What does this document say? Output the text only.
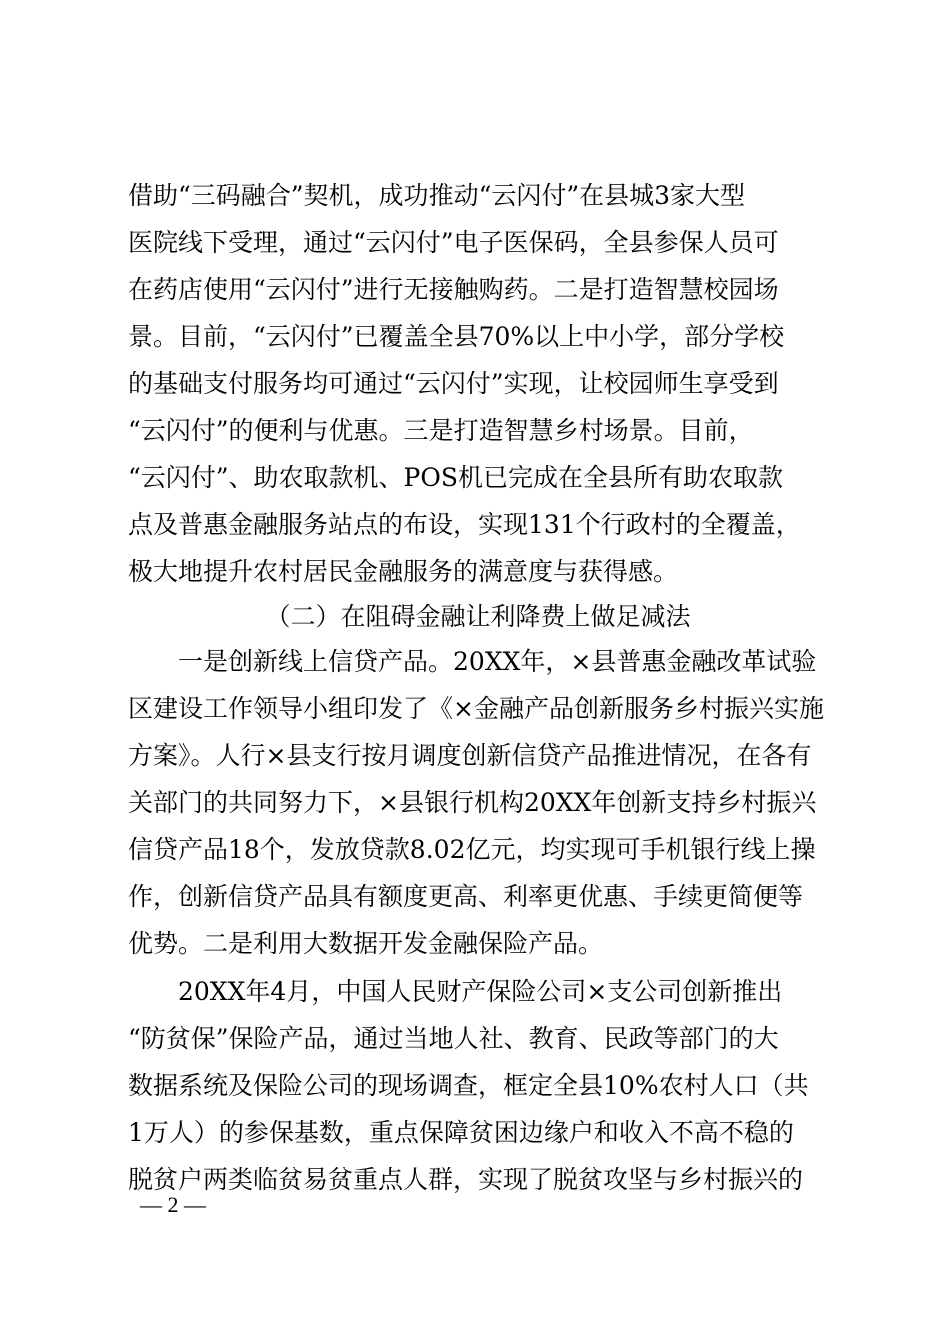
借助“三码融合”契机，成功推动“云闪付”在县城3家大型
医院线下受理，通过“云闪付”电子医保码，全县参保人员可
在药店使用“云闪付”进行无接触购药。二是打造智慧校园场
景。目前，“云闪付”已覆盖全县70%以上中小学，部分学校
的基础支付服务均可通过“云闪付”实现，让校园师生享受到
“云闪付”的便利与优惠。三是打造智慧乡村场景。目前，
“云闪付”、助农取款机、POS机已完成在全县所有助农取款
点及普惠金融服务站点的布设，实现131个行政村的全覆盖，
极大地提升农村居民金融服务的满意度与获得感。
（二）在阻碍金融让利降费上做足减法
　　一是创新线上信贷产品。20XX年，×县普惠金融改革试验
区建设工作领导小组印发了《×金融产品创新服务乡村振兴实施
方案》。人行×县支行按月调度创新信贷产品推进情况，在各有
关部门的共同努力下，×县银行机构20XX年创新支持乡村振兴
信贷产品18个，发放贷款8.02亿元，均实现可手机银行线上操
作，创新信贷产品具有额度更高、利率更优惠、手续更简便等
优势。二是利用大数据开发金融保险产品。
　　20XX年4月，中国人民财产保险公司×支公司创新推出
“防贫保”保险产品，通过当地人社、教育、民政等部门的大
数据系统及保险公司的现场调查，框定全县10%农村人口（共
1万人）的参保基数，重点保障贫困边缘户和收入不高不稳的
脱贫户两类临贫易贫重点人群，实现了脱贫攻坚与乡村振兴的
— 2 —
